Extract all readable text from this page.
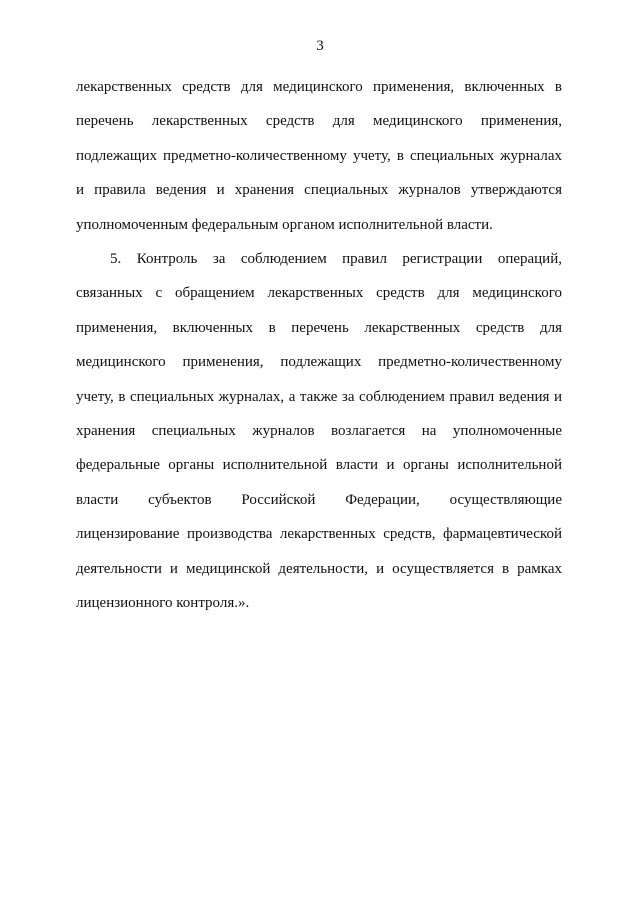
3
лекарственных средств для медицинского применения, включенных в
перечень лекарственных средств для медицинского применения,
подлежащих предметно-количественному учету, в специальных журналах
и правила ведения и хранения специальных журналов утверждаются
уполномоченным федеральным органом исполнительной власти.
5. Контроль за соблюдением правил регистрации операций,
связанных с обращением лекарственных средств для медицинского
применения, включенных в перечень лекарственных средств для
медицинского применения, подлежащих предметно-количественному
учету, в специальных журналах, а также за соблюдением правил ведения и
хранения специальных журналов возлагается на уполномоченные
федеральные органы исполнительной власти и органы исполнительной
власти субъектов Российской Федерации, осуществляющие
лицензирование производства лекарственных средств, фармацевтической
деятельности и медицинской деятельности, и осуществляется в рамках
лицензионного контроля.».
